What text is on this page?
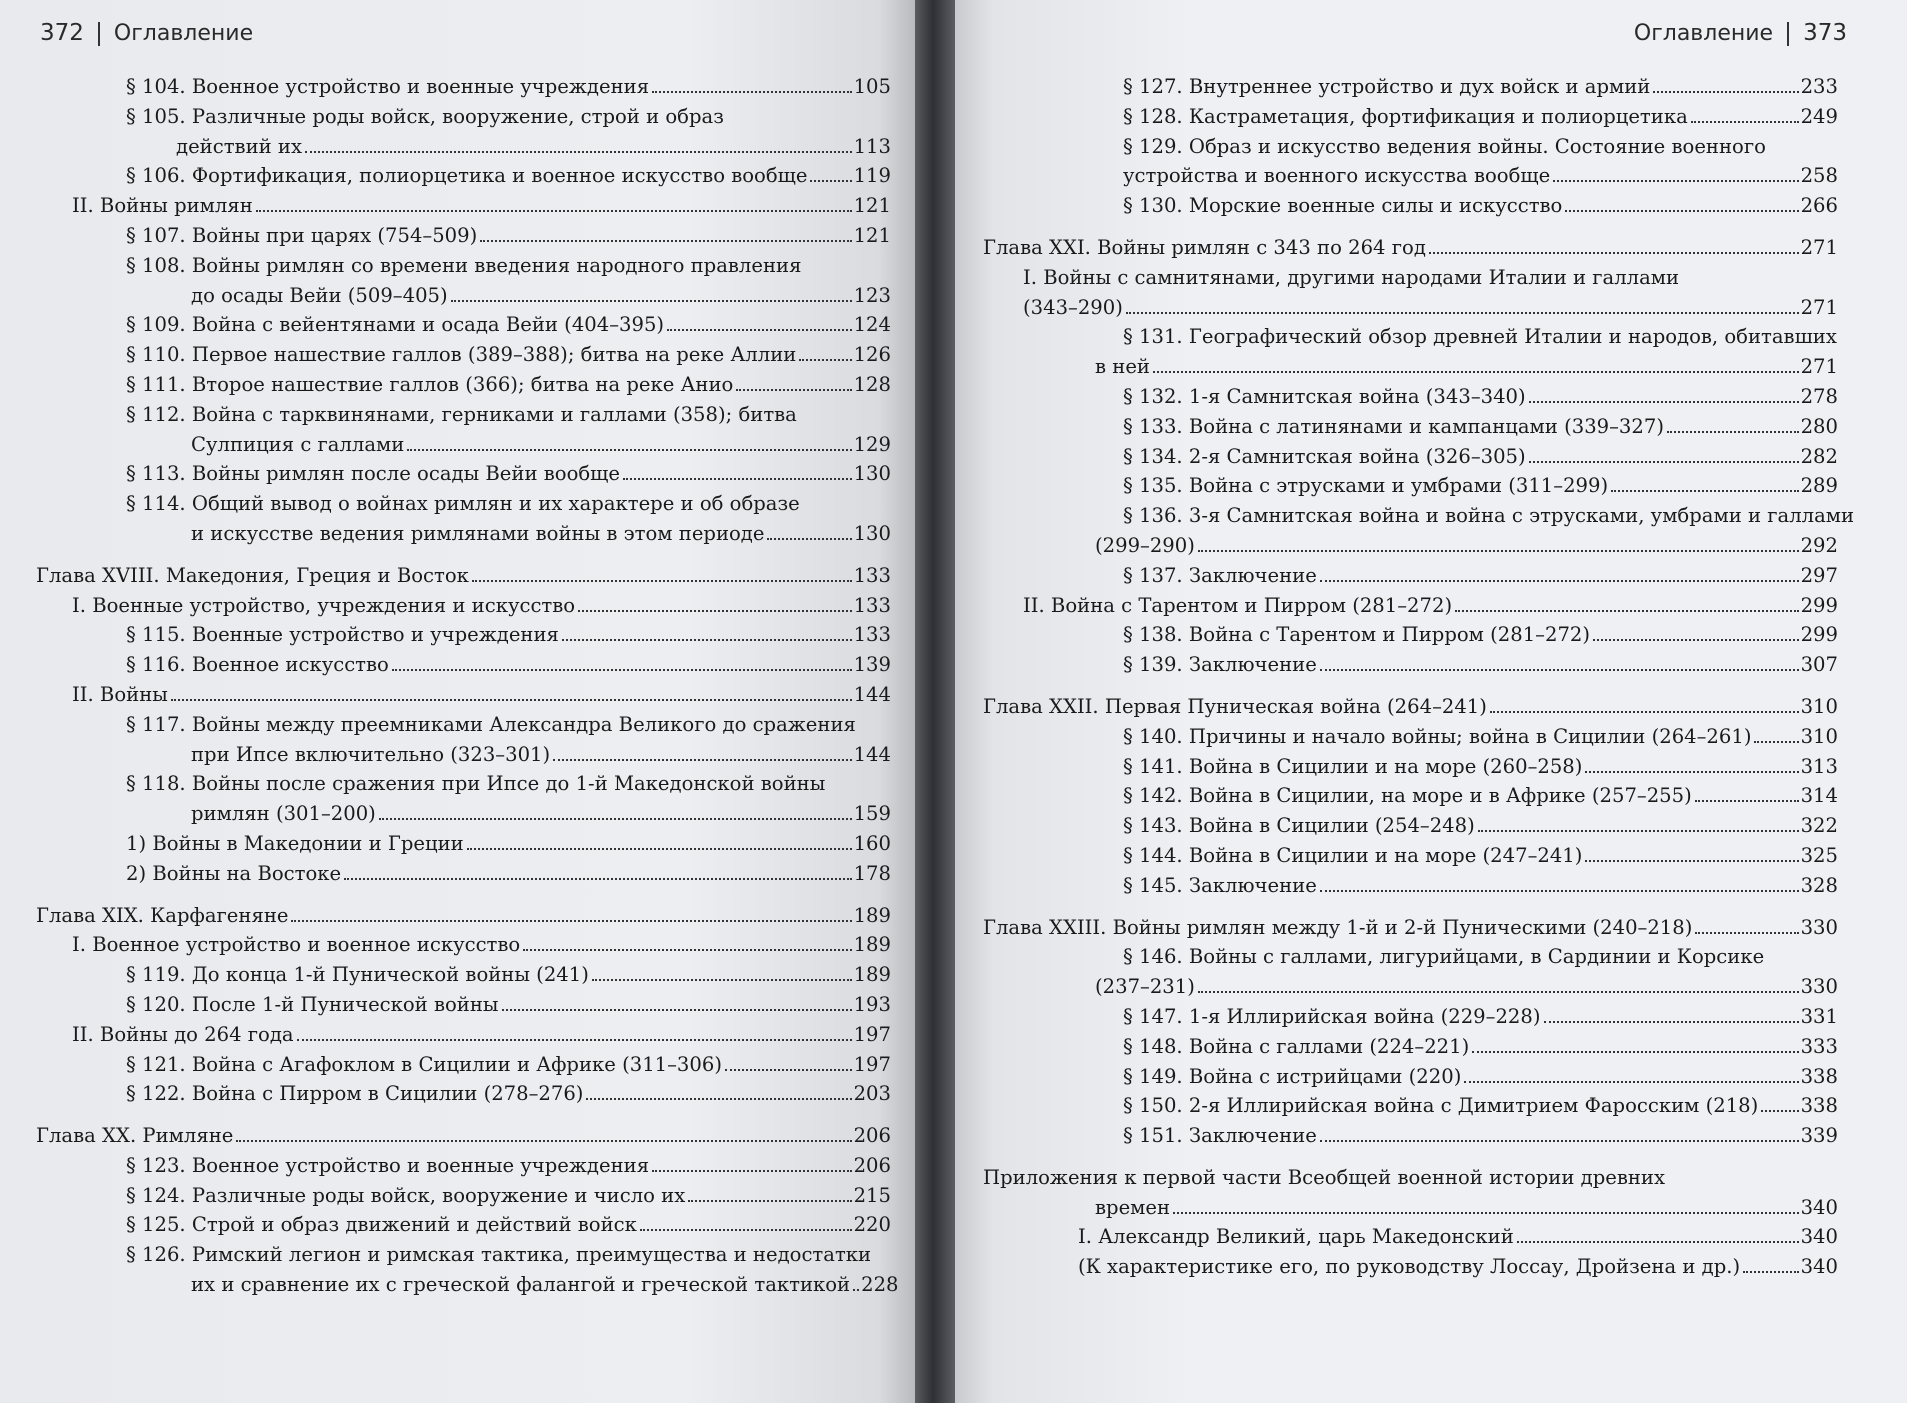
372 Оглавление
§ 104. Военное устройство и военные учреждения	105
§ 105. Различные роды войск, вооружение, строй и образ
действий их	113
§ 106. Фортификация, полиорцетика и военное искусство вообще 119
II. Войны римлян	121
§ 107. Войны при царях (754–509)	121
§ 108. Войны римлян со времени введения народного правления
до осады Вейи (509–405)	123
§ 109. Война с вейентянами и осада Вейи (404–395)	124
§ 110. Первое нашествие галлов (389–388); битва на реке Аллии	126
§ 111. Второе нашествие галлов (366); битва на реке Анио	128
§ 112. Война с тарквинянами, герниками и галлами (358); битва
Сулпиция с галлами	129
§ 113. Войны римлян после осады Вейи вообще	130
§ 114. Общий вывод о войнах римлян и их характере и об образе
и искусстве ведения римлянами войны в этом периоде	130
Глава XVIII. Македония, Греция и Восток	133
I. Военные устройство, учреждения и искусство	133
§ 115. Военные устройство и учреждения	133
§ 116. Военное искусство	139
II. Войны	144
§ 117. Войны между преемниками Александра Великого до сражения
при Ипсе включительно (323–301)	144
§ 118. Войны после сражения при Ипсе до 1-й Македонской войны
римлян (301–200)	159
1) Войны в Македонии и Греции	160
2) Войны на Востоке	178
Глава XIX. Карфагеняне	189
I. Военное устройство и военное искусство	189
§ 119. До конца 1-й Пунической войны (241)	189
§ 120. После 1-й Пунической войны	193
II. Войны до 264 года	197
§ 121. Война с Агафоклом в Сицилии и Африке (311–306)	197
§ 122. Война с Пирром в Сицилии (278–276)	203
Глава XX. Римляне	206
§ 123. Военное устройство и военные учреждения	206
§ 124. Различные роды войск, вооружение и число их	215
§ 125. Строй и образ движений и действий войск	220
§ 126. Римский легион и римская тактика, преимущества и недостатки
их и сравнение их с греческой фалангой и греческой тактикой 228
Оглавление 373
§ 127. Внутреннее устройство и дух войск и армий	233
§ 128. Кастраметация, фортификация и полиорцетика	249
§ 129. Образ и искусство ведения войны. Состояние военного
устройства и военного искусства вообще	258
§ 130. Морские военные силы и искусство	266
Глава XXI. Войны римлян с 343 по 264 год	271
I. Войны с самнитянами, другими народами Италии и галлами
(343–290)	271
§ 131. Географический обзор древней Италии и народов, обитавших
в ней	271
§ 132. 1-я Самнитская война (343–340)	278
§ 133. Война с латинянами и кампанцами (339–327)	280
§ 134. 2-я Самнитская война (326–305)	282
§ 135. Война с этрусками и умбрами (311–299)	289
§ 136. 3-я Самнитская война и война с этрусками, умбрами и галлами
(299–290)	292
§ 137. Заключение	297
II. Война с Тарентом и Пирром (281–272)	299
§ 138. Война с Тарентом и Пирром (281–272)	299
§ 139. Заключение	307
Глава XXII. Первая Пуническая война (264–241)	310
§ 140. Причины и начало войны; война в Сицилии (264–261)	310
§ 141. Война в Сицилии и на море (260–258)	313
§ 142. Война в Сицилии, на море и в Африке (257–255)	314
§ 143. Война в Сицилии (254–248)	322
§ 144. Война в Сицилии и на море (247–241)	325
§ 145. Заключение	328
Глава XXIII. Войны римлян между 1-й и 2-й Пуническими (240–218)	330
§ 146. Войны с галлами, лигурийцами, в Сардинии и Корсике
(237–231)	330
§ 147. 1-я Иллирийская война (229–228)	331
§ 148. Война с галлами (224–221)	333
§ 149. Война с истрийцами (220)	338
§ 150. 2-я Иллирийская война с Димитрием Фаросским (218) 338
§ 151. Заключение	339
Приложения к первой части Всеобщей военной истории древних
времен	340
I. Александр Великий, царь Македонский	340
(К характеристике его, по руководству Лоссау, Дройзена и др.)	340
